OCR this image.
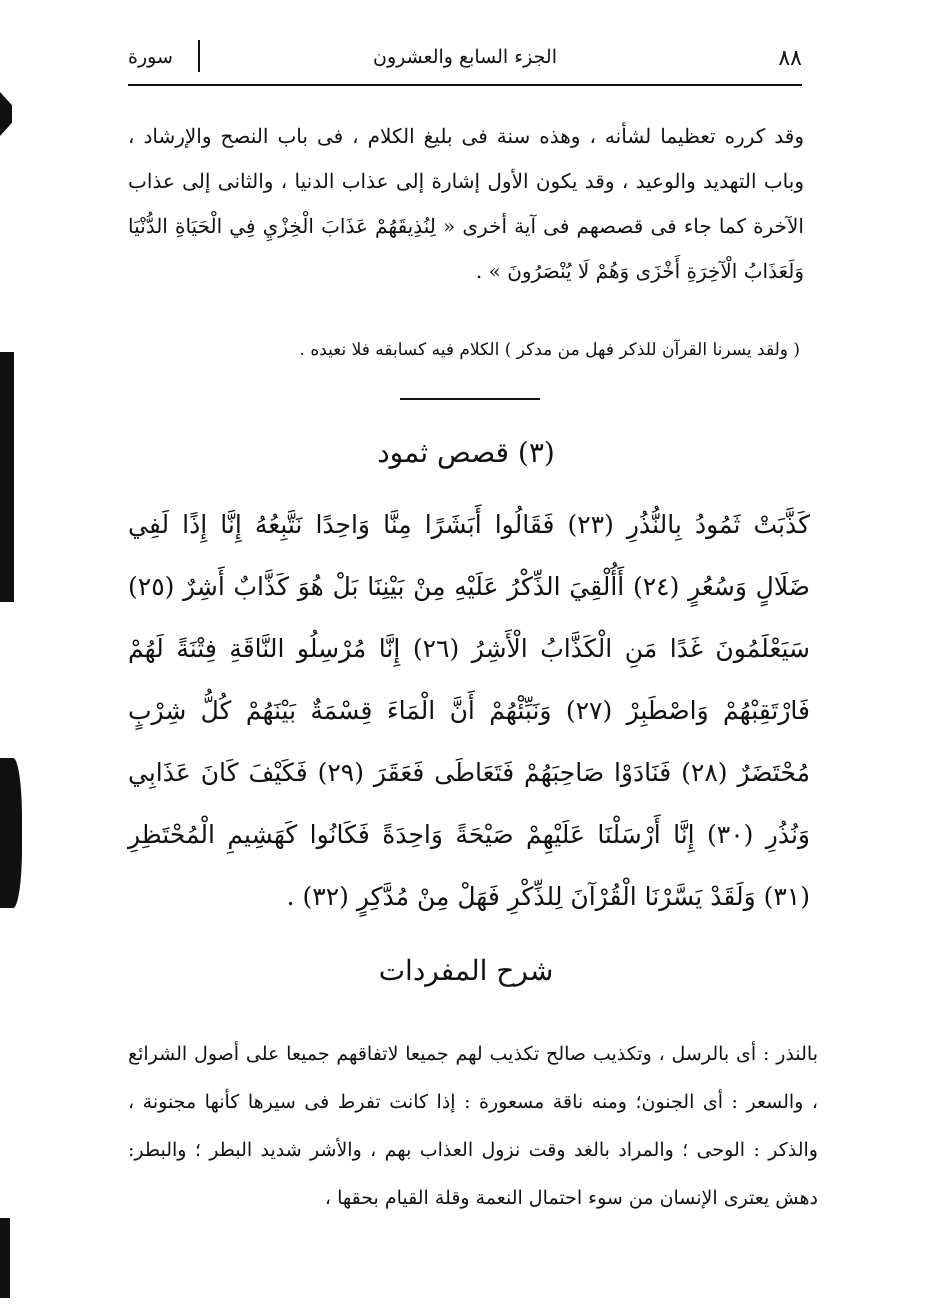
٨٨
الجزء السابع والعشرون
سورة

وقد كرره تعظيما لشأنه ، وهذه سنة فى بليغ الكلام ، فى باب النصح والإرشاد ، وباب التهديد والوعيد ، وقد يكون الأول إشارة إلى عذاب الدنيا ، والثانى إلى عذاب الآخرة كما جاء فى قصصهم فى آية أخرى « لِنُذِيقَهُمْ عَذَابَ الْخِزْيِ فِي الْحَيَاةِ الدُّنْيَا وَلَعَذَابُ الْآخِرَةِ أَخْزَى وَهُمْ لَا يُنْصَرُونَ » .

( ولقد يسرنا القرآن للذكر فهل من مدكر ) الكلام فيه كسابقه فلا نعيده .

(٣) قصص ثمود

كَذَّبَتْ ثَمُودُ بِالنُّذُرِ (٢٣) فَقَالُوا أَبَشَرًا مِنَّا وَاحِدًا نَتَّبِعُهُ إِنَّا إِذًا لَفِي ضَلَالٍ وَسُعُرٍ (٢٤) أَأُلْقِيَ الذِّكْرُ عَلَيْهِ مِنْ بَيْنِنَا بَلْ هُوَ كَذَّابٌ أَشِرٌ (٢٥) سَيَعْلَمُونَ غَدًا مَنِ الْكَذَّابُ الْأَشِرُ (٢٦) إِنَّا مُرْسِلُو النَّاقَةِ فِتْنَةً لَهُمْ فَارْتَقِبْهُمْ وَاصْطَبِرْ (٢٧) وَنَبِّئْهُمْ أَنَّ الْمَاءَ قِسْمَةٌ بَيْنَهُمْ كُلُّ شِرْبٍ مُحْتَضَرٌ (٢٨) فَنَادَوْا صَاحِبَهُمْ فَتَعَاطَى فَعَقَرَ (٢٩) فَكَيْفَ كَانَ عَذَابِي وَنُذُرِ (٣٠) إِنَّا أَرْسَلْنَا عَلَيْهِمْ صَيْحَةً وَاحِدَةً فَكَانُوا كَهَشِيمِ الْمُحْتَظِرِ (٣١) وَلَقَدْ يَسَّرْنَا الْقُرْآنَ لِلذِّكْرِ فَهَلْ مِنْ مُدَّكِرٍ (٣٢) .

شرح المفردات

بالنذر : أى بالرسل ، وتكذيب صالح تكذيب لهم جميعا لاتفاقهم جميعا على أصول الشرائع ، والسعر : أى الجنون؛ ومنه ناقة مسعورة : إذا كانت تفرط فى سيرها كأنها مجنونة ، والذكر : الوحى ؛ والمراد بالغد وقت نزول العذاب بهم ، والأشر شديد البطر ؛ والبطر: دهش يعترى الإنسان من سوء احتمال النعمة وقلة القيام بحقها ،
